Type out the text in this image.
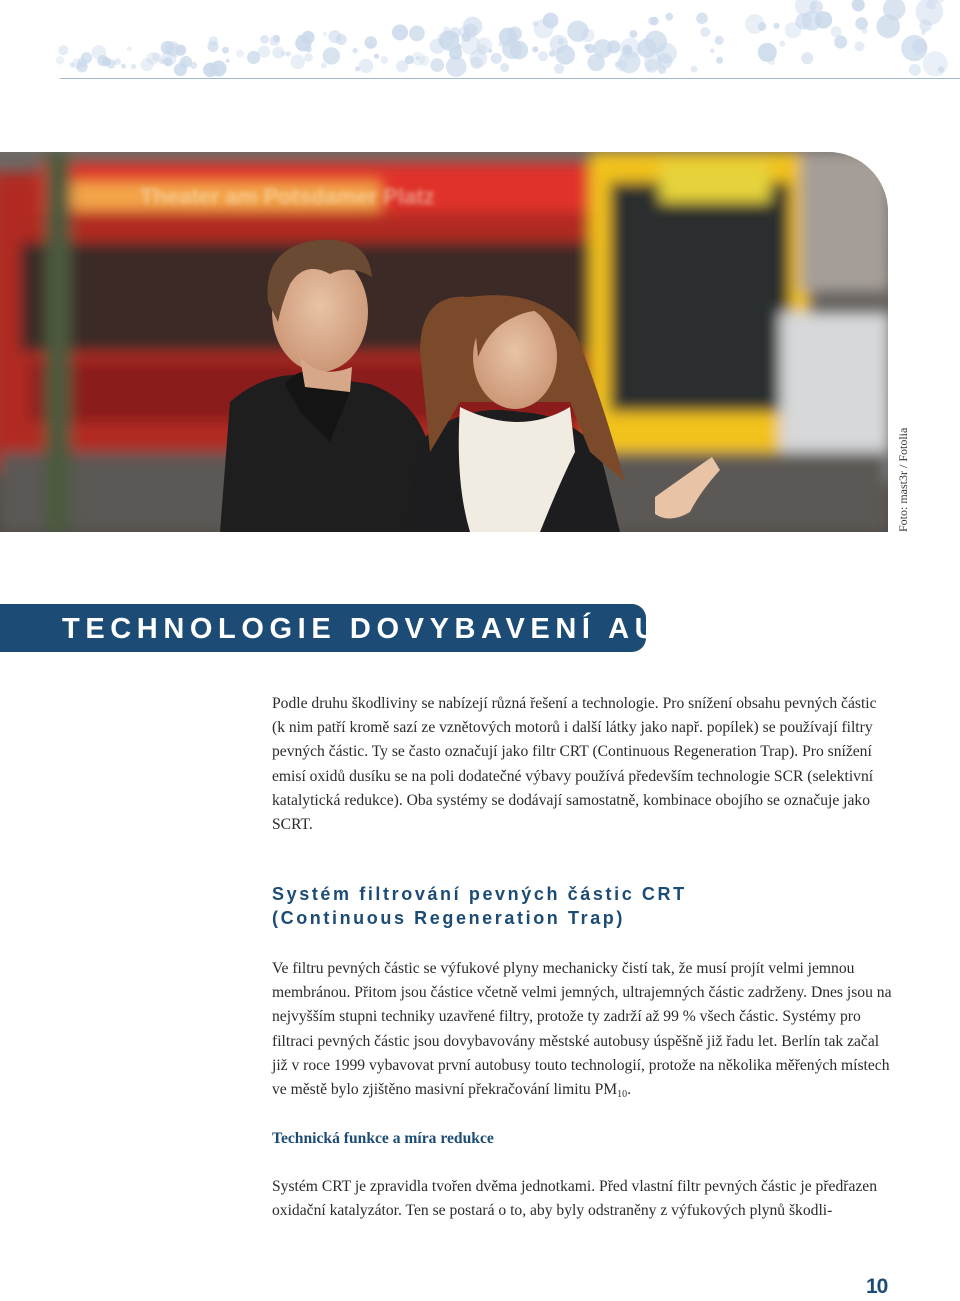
Theater am Potsdamer Platz
Foto: mast3r / Fotolia
TECHNOLOGIE DOVYBAVENÍ AUTOBUSŮ

Podle druhu škodliviny se nabízejí různá řešení a technologie. Pro snížení obsahu pevných částic (k nim patří kromě sazí ze vznětových motorů i další látky jako např. popílek) se používají filtry pevných částic. Ty se často označují jako filtr CRT (Continuous Regeneration Trap). Pro snížení emisí oxidů dusíku se na poli dodatečné výbavy používá především technologie SCR (selektivní katalytická redukce). Oba systémy se dodávají samostatně, kombinace obojího se označuje jako SCRT.

Systém filtrování pevných částic CRT
(Continuous Regeneration Trap)

Ve filtru pevných částic se výfukové plyny mechanicky čistí tak, že musí projít velmi jemnou membránou. Přitom jsou částice včetně velmi jemných, ultrajemných částic zadrženy. Dnes jsou na nejvyšším stupni techniky uzavřené filtry, protože ty zadrží až 99 % všech částic. Systémy pro filtraci pevných částic jsou dovybavovány městské autobusy úspěšně již řadu let. Berlín tak začal již v roce 1999 vybavovat první autobusy touto technologií, protože na několika měřených místech ve městě bylo zjištěno masivní překračování limitu $PM_{10}$.

Technická funkce a míra redukce

Systém CRT je zpravidla tvořen dvěma jednotkami. Před vlastní filtr pevných částic je předřazen oxidační katalyzátor. Ten se postará o to, aby byly odstraněny z výfukových plynů škodli-

10
